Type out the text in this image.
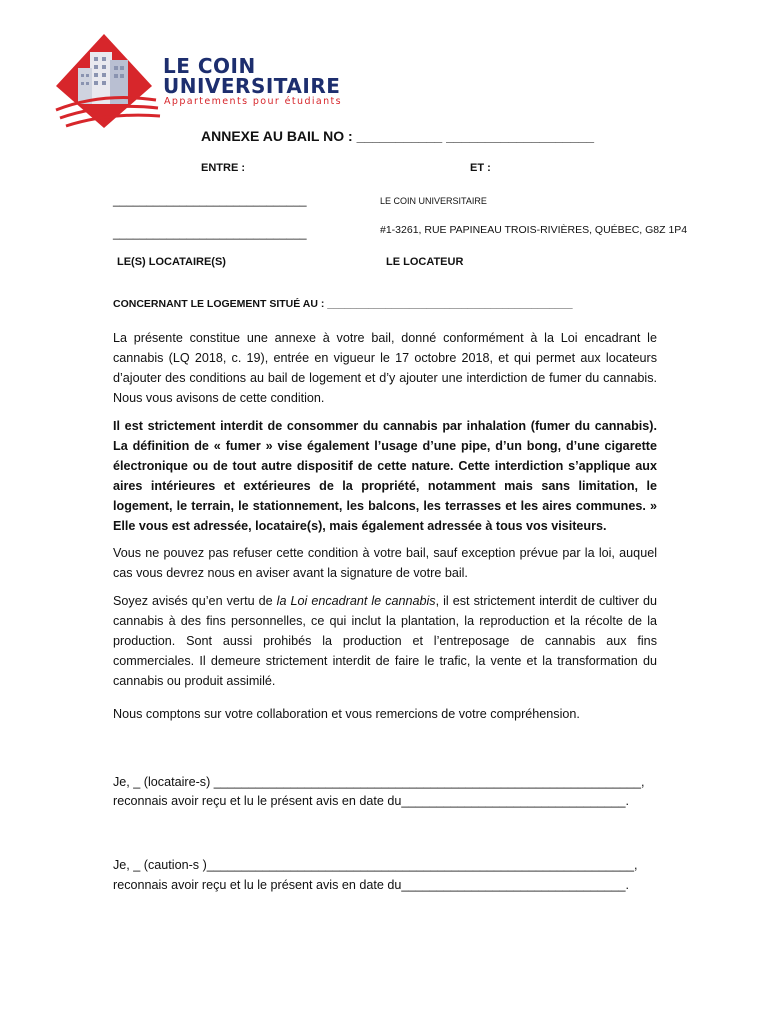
LE COIN
UNIVERSITAIRE
Appartements pour étudiants
ANNEXE AU BAIL NO : ___________ ___________________
ENTRE :	ET :
_____________________________	LE COIN UNIVERSITAIRE
_____________________________	#1-3261, RUE PAPINEAU TROIS-RIVIÈRES, QUÉBEC, G8Z 1P4
LE(S) LOCATAIRE(S)	LE LOCATEUR
CONCERNANT LE LOGEMENT SITUÉ AU : __________________________________________

La présente constitue une annexe à votre bail, donné conformément à la Loi encadrant le cannabis (LQ 2018, c. 19), entrée en vigueur le 17 octobre 2018, et qui permet aux locateurs d’ajouter des conditions au bail de logement et d’y ajouter une interdiction de fumer du cannabis. Nous vous avisons de cette condition.

Il est strictement interdit de consommer du cannabis par inhalation (fumer du cannabis). La définition de « fumer » vise également l’usage d’une pipe, d’un bong, d’une cigarette électronique ou de tout autre dispositif de cette nature. Cette interdiction s’applique aux aires intérieures et extérieures de la propriété, notamment mais sans limitation, le logement, le terrain, le stationnement, les balcons, les terrasses et les aires communes. » Elle vous est adressée, locataire(s), mais également adressée à tous vos visiteurs.

Vous ne pouvez pas refuser cette condition à votre bail, sauf exception prévue par la loi, auquel cas vous devrez nous en aviser avant la signature de votre bail.

Soyez avisés qu’en vertu de la Loi encadrant le cannabis, il est strictement interdit de cultiver du cannabis à des fins personnelles, ce qui inclut la plantation, la reproduction et la récolte de la production. Sont aussi prohibés la production et l’entreposage de cannabis aux fins commerciales. Il demeure strictement interdit de faire le trafic, la vente et la transformation du cannabis ou produit assimilé.

Nous comptons sur votre collaboration et vous remercions de votre compréhension.

Je, _ (locataire-s) _____________________________________________________________,
reconnais avoir reçu et lu le présent avis en date du________________________________.
Je, _ (caution-s )_____________________________________________________________,
reconnais avoir reçu et lu le présent avis en date du________________________________.
